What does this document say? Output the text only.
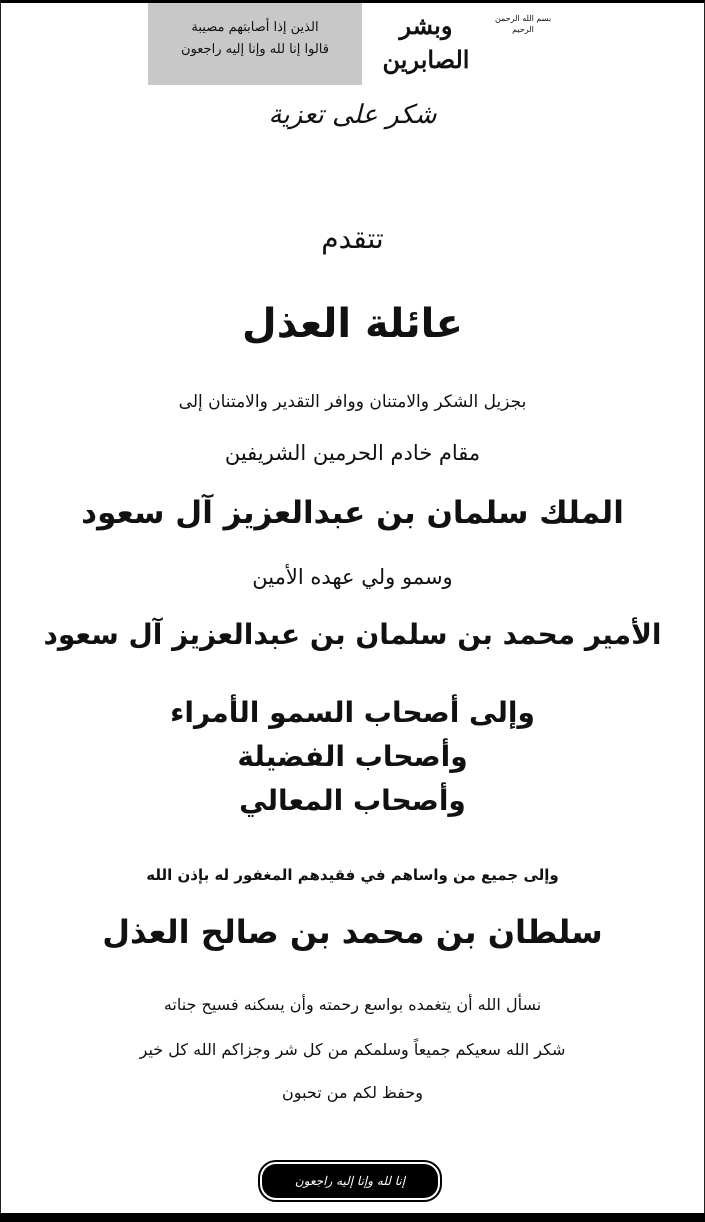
الذين إذا أصابتهم مصيبة
قالوا إنا لله وإنا إليه راجعون
وبشر الصابرين
بسم الله الرحمن الرحيم
شكر على تعزية
تتقدم
عائلة العذل
بجزيل الشكر والامتنان ووافر التقدير والامتنان إلى
مقام خادم الحرمين الشريفين
الملك سلمان بن عبدالعزيز آل سعود
وسمو ولي عهده الأمين
الأمير محمد بن سلمان بن عبدالعزيز آل سعود
وإلى أصحاب السمو الأمراء
وأصحاب الفضيلة
وأصحاب المعالي
وإلى جميع من واساهم في فقيدهم المغفور له بإذن الله
سلطان بن محمد بن صالح العذل
نسأل الله أن يتغمده بواسع رحمته وأن يسكنه فسيح جناته
شكر الله سعيكم جميعاً وسلمكم من كل شر وجزاكم الله كل خير
وحفظ لكم من تحبون
إنا لله وإنا إليه راجعون
